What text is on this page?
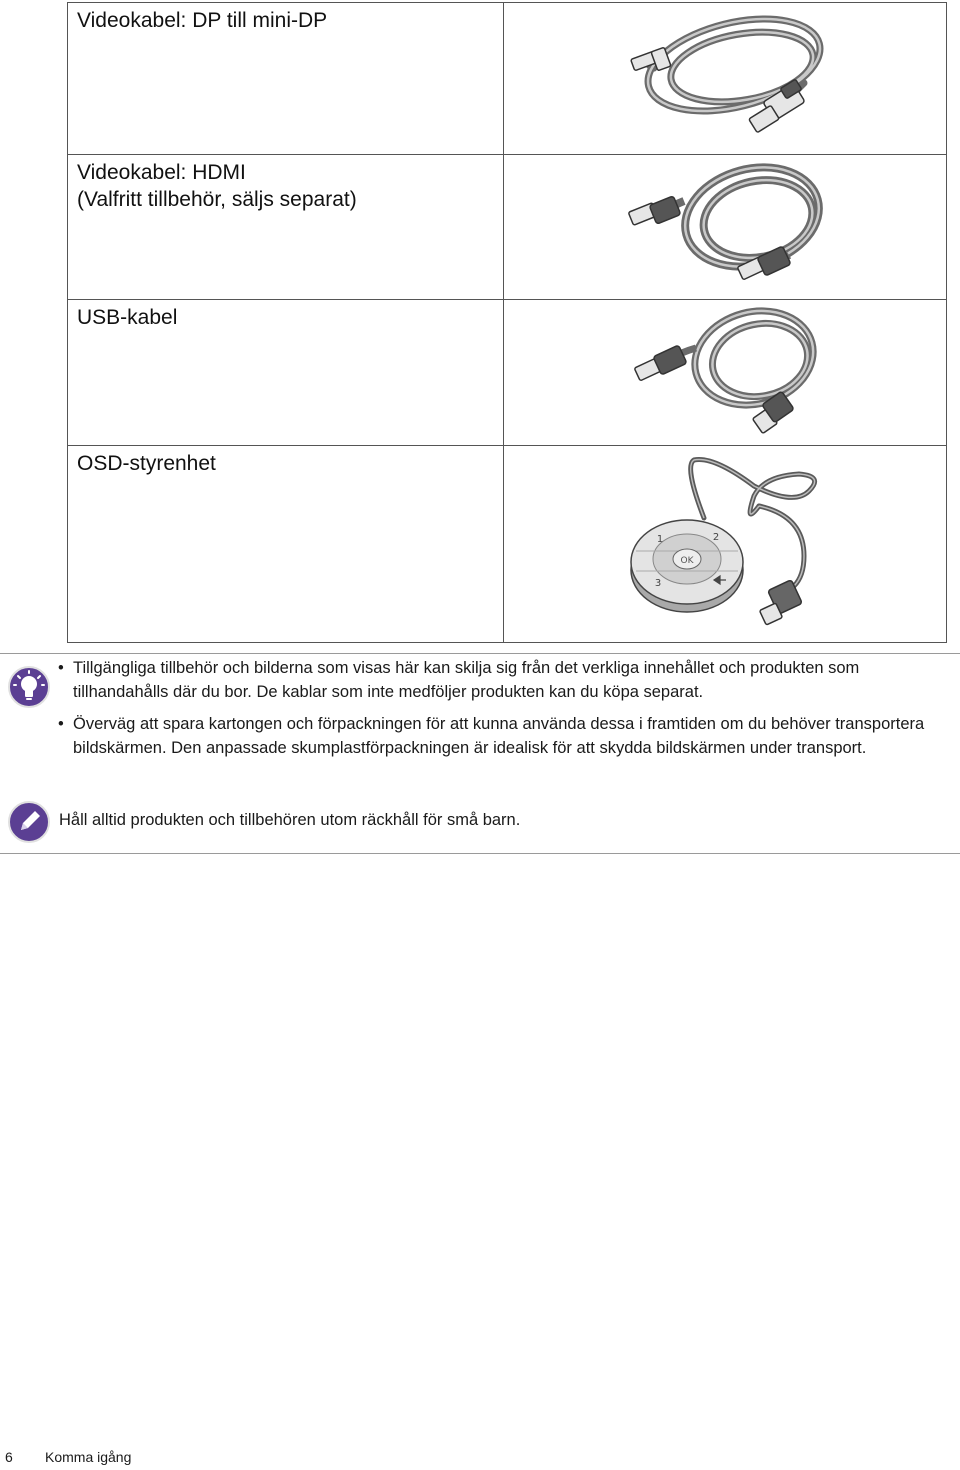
Videokabel: DP till mini-DP

Videokabel: HDMI
(Valfritt tillbehör, säljs separat)

USB-kabel

OSD-styrenhet	OK
1 2
3
• Tillgängliga tillbehör och bilderna som visas här kan skilja sig från det verkliga innehållet och produkten som tillhandahålls där du bor. De kablar som inte medföljer produkten kan du köpa separat.
• Överväg att spara kartongen och förpackningen för att kunna använda dessa i framtiden om du behöver transportera bildskärmen. Den anpassade skumplastförpackningen är idealisk för att skydda bildskärmen under transport.
Håll alltid produkten och tillbehören utom räckhåll för små barn.
6 Komma igång
